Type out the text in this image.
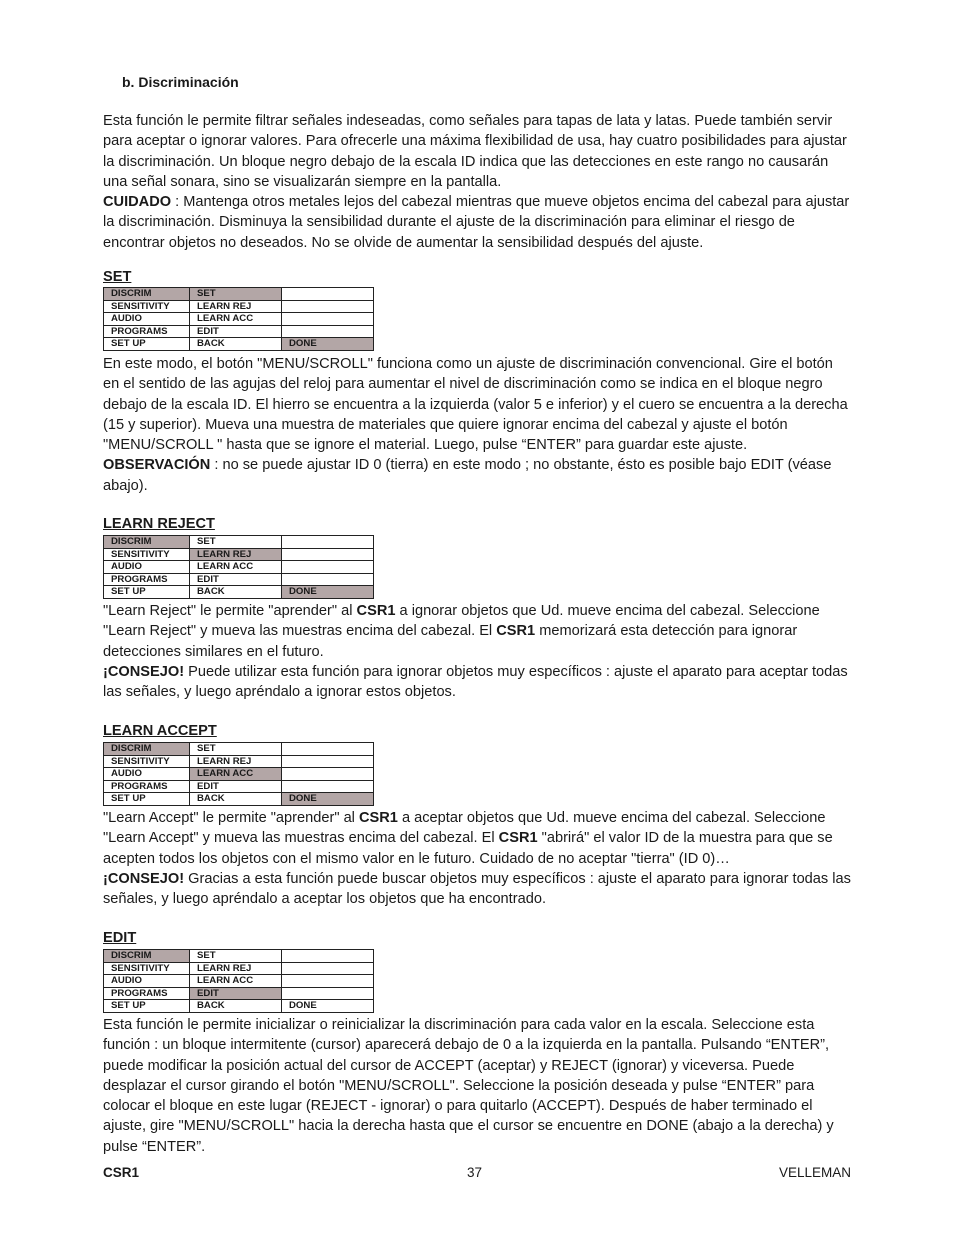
b. Discriminación

Esta función le permite filtrar señales indeseadas, como señales para tapas de lata y latas. Puede también servir para aceptar o ignorar valores. Para ofrecerle una máxima flexibilidad de usa, hay cuatro posibilidades para ajustar la discriminación. Un bloque negro debajo de la escala ID indica que las detecciones en este rango no causarán una señal sonara, sino se visualizarán siempre en la pantalla.
CUIDADO : Mantenga otros metales lejos del cabezal mientras que mueve objetos encima del cabezal para ajustar la discriminación. Disminuya la sensibilidad durante el ajuste de la discriminación para eliminar el riesgo de encontrar objetos no deseados. No se olvide de aumentar la sensibilidad después del ajuste.

SET
DISCRIM	SET	
SENSITIVITY	LEARN REJ	
AUDIO	LEARN ACC	
PROGRAMS	EDIT	
SET UP	BACK	DONE

En este modo, el botón "MENU/SCROLL" funciona como un ajuste de discriminación convencional. Gire el botón en el sentido de las agujas del reloj para aumentar el nivel de discriminación como se indica en el bloque negro debajo de la escala ID. El hierro se encuentra a la izquierda (valor 5 e inferior) y el cuero se encuentra a la derecha (15 y superior). Mueva una muestra de materiales que quiere ignorar encima del cabezal y ajuste el botón "MENU/SCROLL " hasta que se ignore el material. Luego, pulse “ENTER” para guardar este ajuste.
OBSERVACIÓN : no se puede ajustar ID 0 (tierra) en este modo ; no obstante, ésto es posible bajo EDIT (véase abajo).

LEARN REJECT
DISCRIM	SET	
SENSITIVITY	LEARN REJ	
AUDIO	LEARN ACC	
PROGRAMS	EDIT	
SET UP	BACK	DONE

"Learn Reject" le permite "aprender" al CSR1 a ignorar objetos que Ud. mueve encima del cabezal. Seleccione "Learn Reject" y mueva las muestras encima del cabezal. El CSR1 memorizará esta detección para ignorar detecciones similares en el futuro.
¡CONSEJO! Puede utilizar esta función para ignorar objetos muy específicos : ajuste el aparato para aceptar todas las señales, y luego apréndalo a ignorar estos objetos.

LEARN ACCEPT
DISCRIM	SET	
SENSITIVITY	LEARN REJ	
AUDIO	LEARN ACC	
PROGRAMS	EDIT	
SET UP	BACK	DONE

"Learn Accept" le permite "aprender" al CSR1 a aceptar objetos que Ud. mueve encima del cabezal. Seleccione "Learn Accept" y mueva las muestras encima del cabezal. El CSR1 "abrirá" el valor ID de la muestra para que se acepten todos los objetos con el mismo valor en le futuro. Cuidado de no aceptar "tierra" (ID 0)…
¡CONSEJO! Gracias a esta función puede buscar objetos muy específicos : ajuste el aparato para ignorar todas las señales, y luego apréndalo a aceptar los objetos que ha encontrado.

EDIT
DISCRIM	SET	
SENSITIVITY	LEARN REJ	
AUDIO	LEARN ACC	
PROGRAMS	EDIT	
SET UP	BACK	DONE

Esta función le permite inicializar o reinicializar la discriminación para cada valor en la escala. Seleccione esta función : un bloque intermitente (cursor) aparecerá debajo de 0 a la izquierda en la pantalla. Pulsando “ENTER”, puede modificar la posición actual del cursor de ACCEPT (aceptar) y REJECT (ignorar) y viceversa. Puede desplazar el cursor girando el botón "MENU/SCROLL". Seleccione la posición deseada y pulse “ENTER” para colocar el bloque en este lugar (REJECT - ignorar) o para quitarlo (ACCEPT). Después de haber terminado el ajuste, gire "MENU/SCROLL" hacia la derecha hasta que el cursor se encuentre en DONE (abajo a la derecha) y pulse “ENTER”.

CSR1	37	VELLEMAN
